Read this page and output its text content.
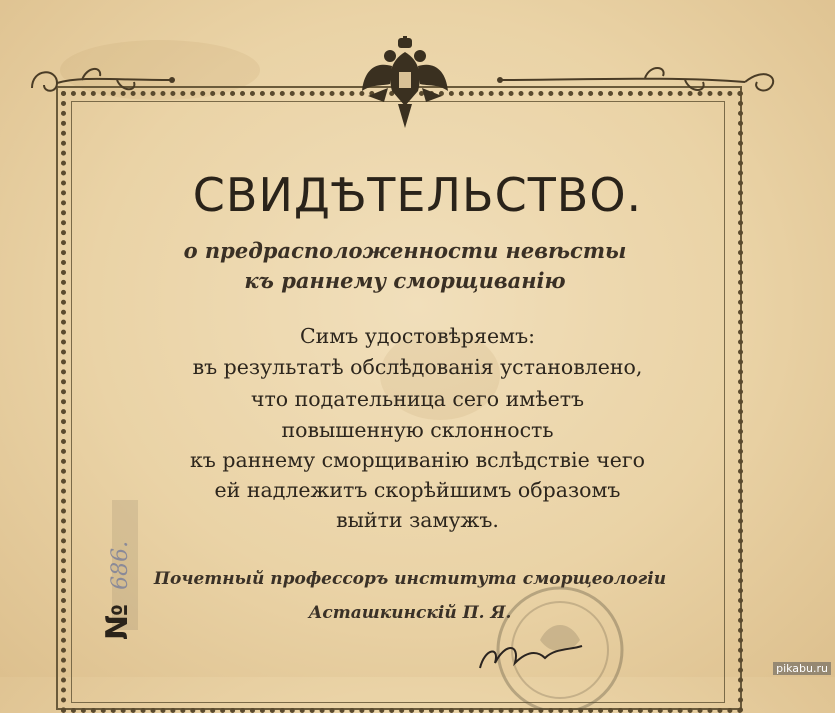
СВИДѢТЕЛЬСТВО.
о предрасположенности невѣсты
къ раннему сморщиванiю
Симъ удостовѣряемъ:
въ результатѣ обслѣдованія установлено,
что подательница сего имѣетъ
повышенную склонность
къ раннему сморщиванію вслѣдствіе чего
ей надлежитъ скорѣйшимъ образомъ
выйти замужъ.
Почетный профессоръ института сморщеологіи
Асташкинскій П. Я.
№686.
pikabu.ru
